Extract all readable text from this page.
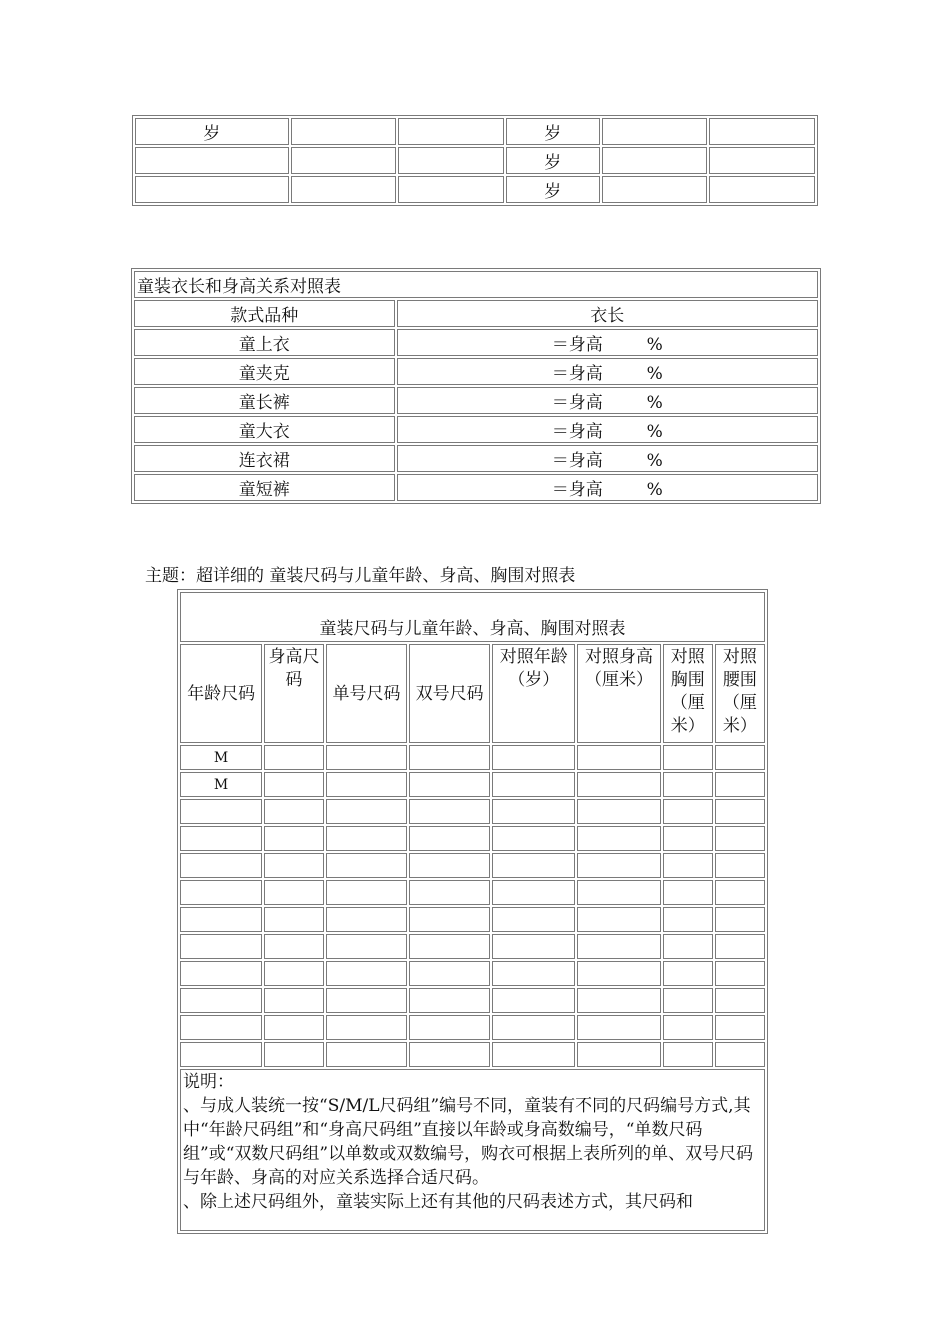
岁			岁		
			岁		
			岁		
童装衣长和身高关系对照表	
款式品种	衣长
童上衣	＝身高 %
童夹克	＝身高 %
童长裤	＝身高 %
童大衣	＝身高 %
连衣裙	＝身高 %
童短裤	＝身高 %
主题：超详细的 童装尺码与儿童年龄、身高、胸围对照表
童装尺码与儿童年龄、身高、胸围对照表							
年龄尺码	身高尺码	单号尺码	双号尺码	对照年龄（岁）	对照身高（厘米）	对照胸围（厘米）	对照腰围（厘米）
M							
M							

说明：
、与成人装统一按“S/M/L尺码组”编号不同，童装有不同的尺码编号方式,其中“年龄尺码组”和“身高尺码组”直接以年龄或身高数编号，“单数尺码组”或“双数尺码组”以单数或双数编号，购衣可根据上表所列的单、双号尺码与年龄、身高的对应关系选择合适尺码。
、除上述尺码组外，童装实际上还有其他的尺码表述方式，其尺码和							
